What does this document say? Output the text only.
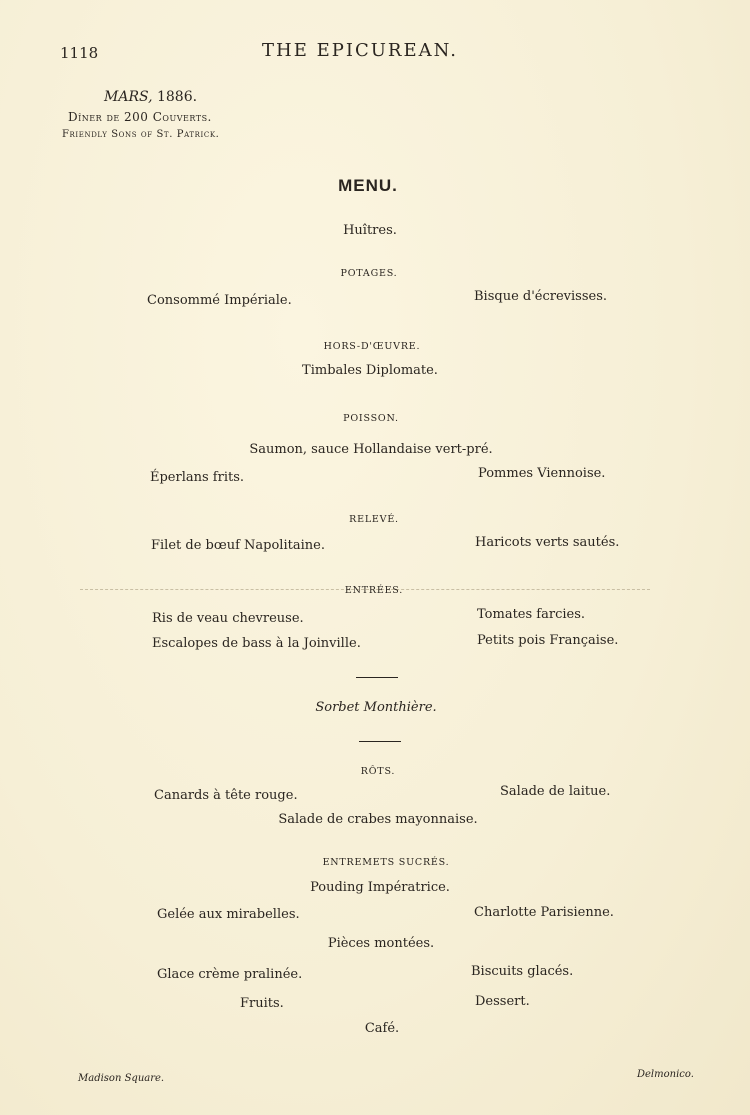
1118	THE EPICUREAN.
MARS, 1886.
Dîner de 200 Couverts.
Friendly Sons of St. Patrick.
MENU.
Huîtres.
POTAGES.
Consommé Impériale.	Bisque d'écrevisses.
HORS-D'ŒUVRE.
Timbales Diplomate.
POISSON.
Saumon, sauce Hollandaise vert-pré.
Éperlans frits.	Pommes Viennoise.
RELEVÉ.
Filet de bœuf Napolitaine.	Haricots verts sautés.
ENTRÉES.
Ris de veau chevreuse.	Tomates farcies.
Escalopes de bass à la Joinville.	Petits pois Française.
Sorbet Monthière.
RÔTS.
Canards à tête rouge.	Salade de laitue.
Salade de crabes mayonnaise.
ENTREMETS SUCRÉS.
Pouding Impératrice.
Gelée aux mirabelles.	Charlotte Parisienne.
Pièces montées.
Glace crème pralinée.	Biscuits glacés.
Fruits.	Dessert.
Café.
Madison Square.	Delmonico.
